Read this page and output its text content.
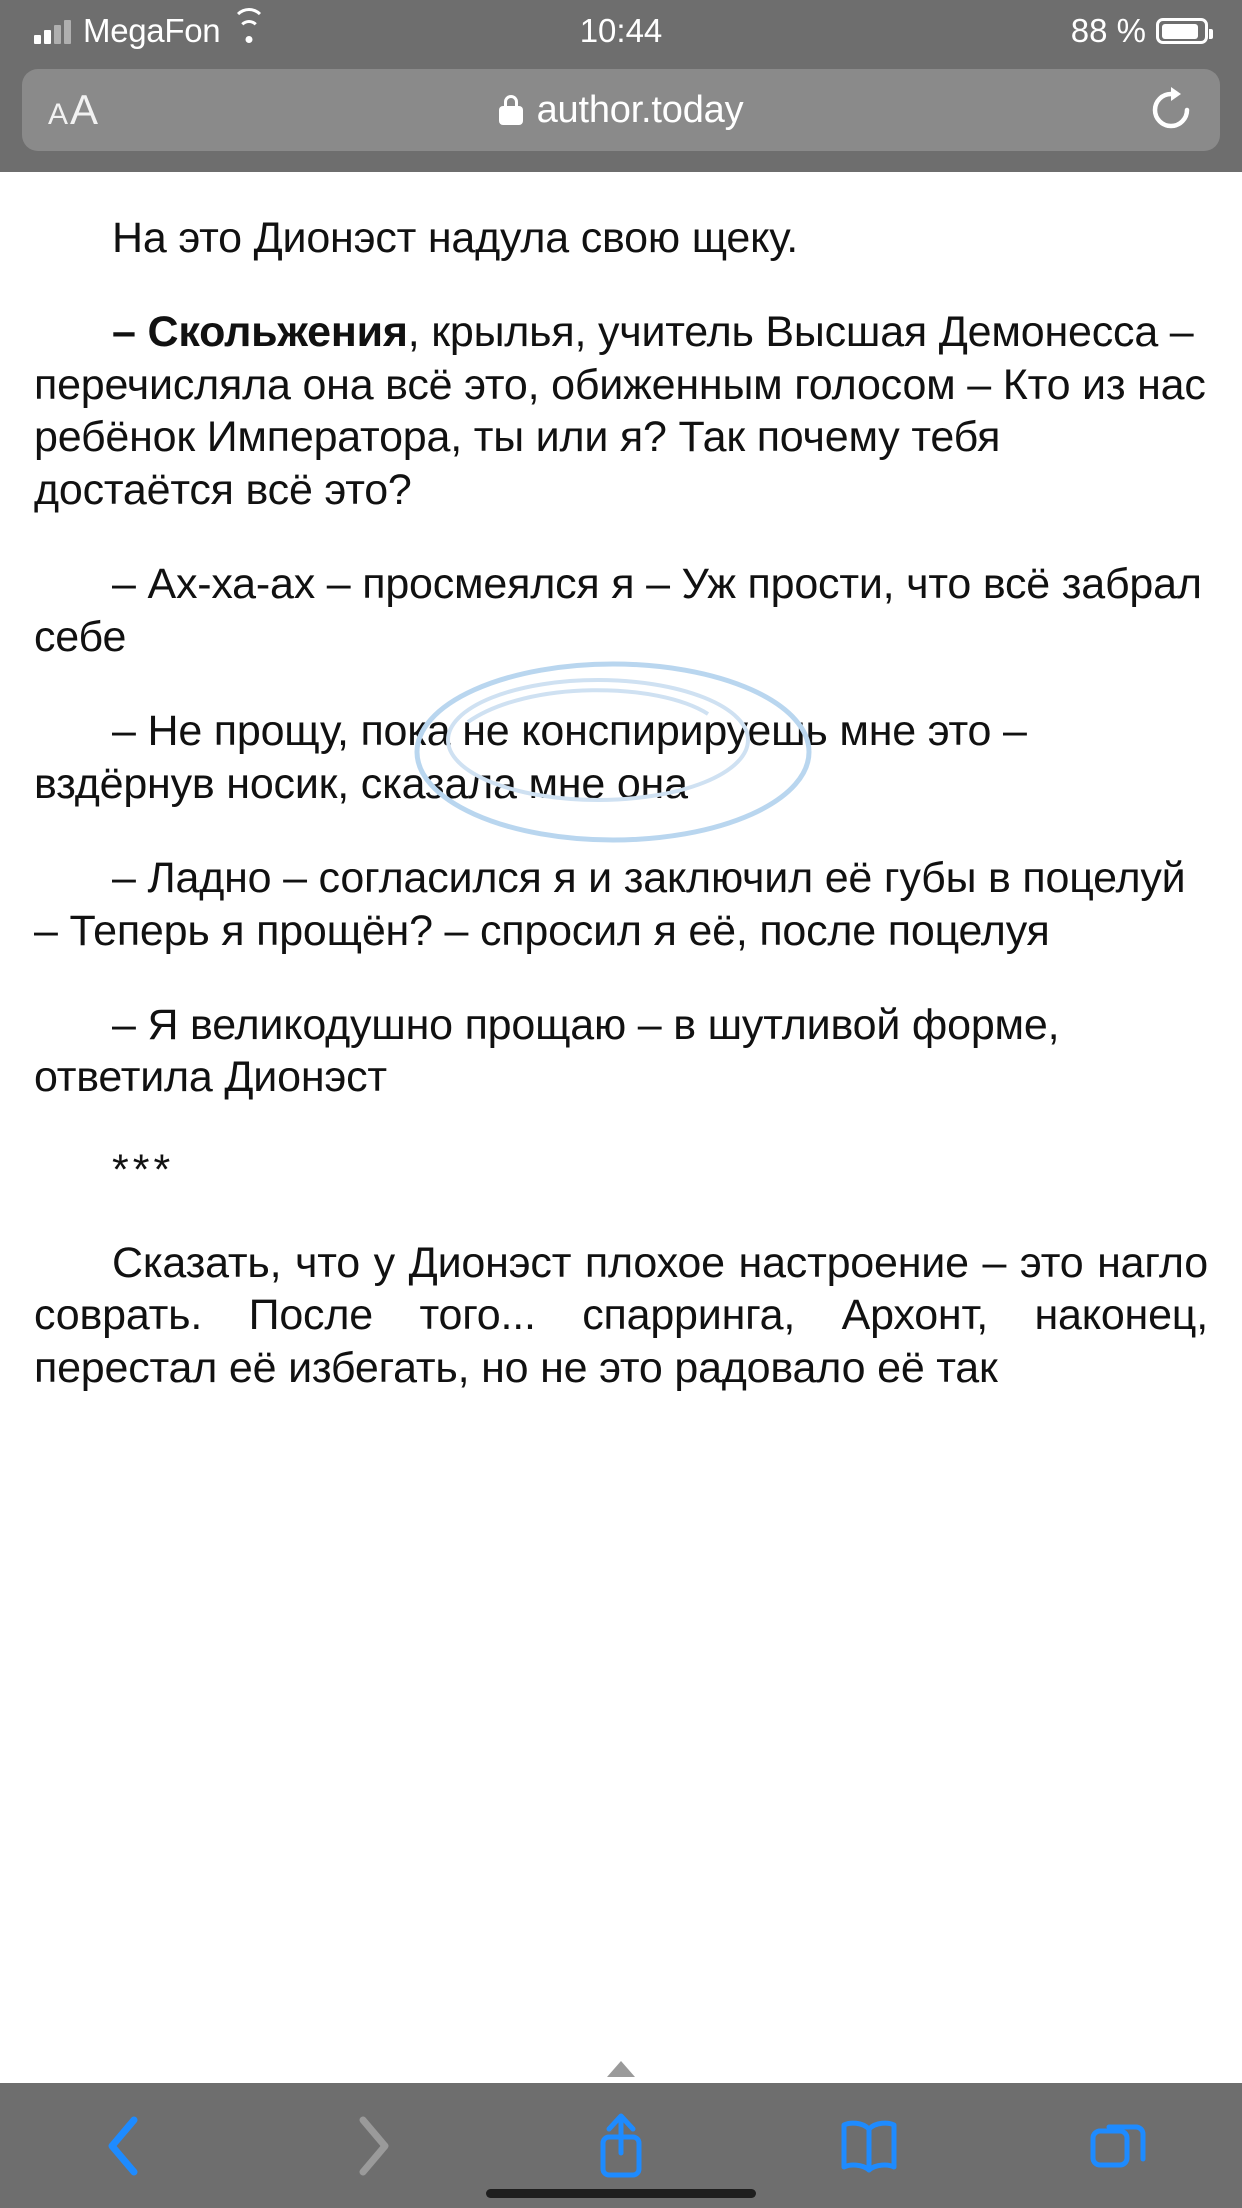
MegaFon	10:44	88 %
A A	author.today

На это Дионэст надула свою щеку.

– Скольжения, крылья, учитель Высшая Демонесса – перечисляла она всё это, обиженным голосом – Кто из нас ребёнок Императора, ты или я? Так почему тебя достаётся всё это?

– Ах-ха-ах – просмеялся я – Уж прости, что всё забрал себе

– Не прощу, пока не конспирируешь мне это – вздёрнув носик, сказала мне она

– Ладно – согласился я и заключил её губы в поцелуй – Теперь я прощён? – спросил я её, после поцелуя

– Я великодушно прощаю – в шутливой форме, ответила Дионэст

***

Сказать, что у Дионэст плохое настроение – это нагло соврать. После того... спарринга, Архонт, наконец, перестал её избегать, но не это радовало её так
